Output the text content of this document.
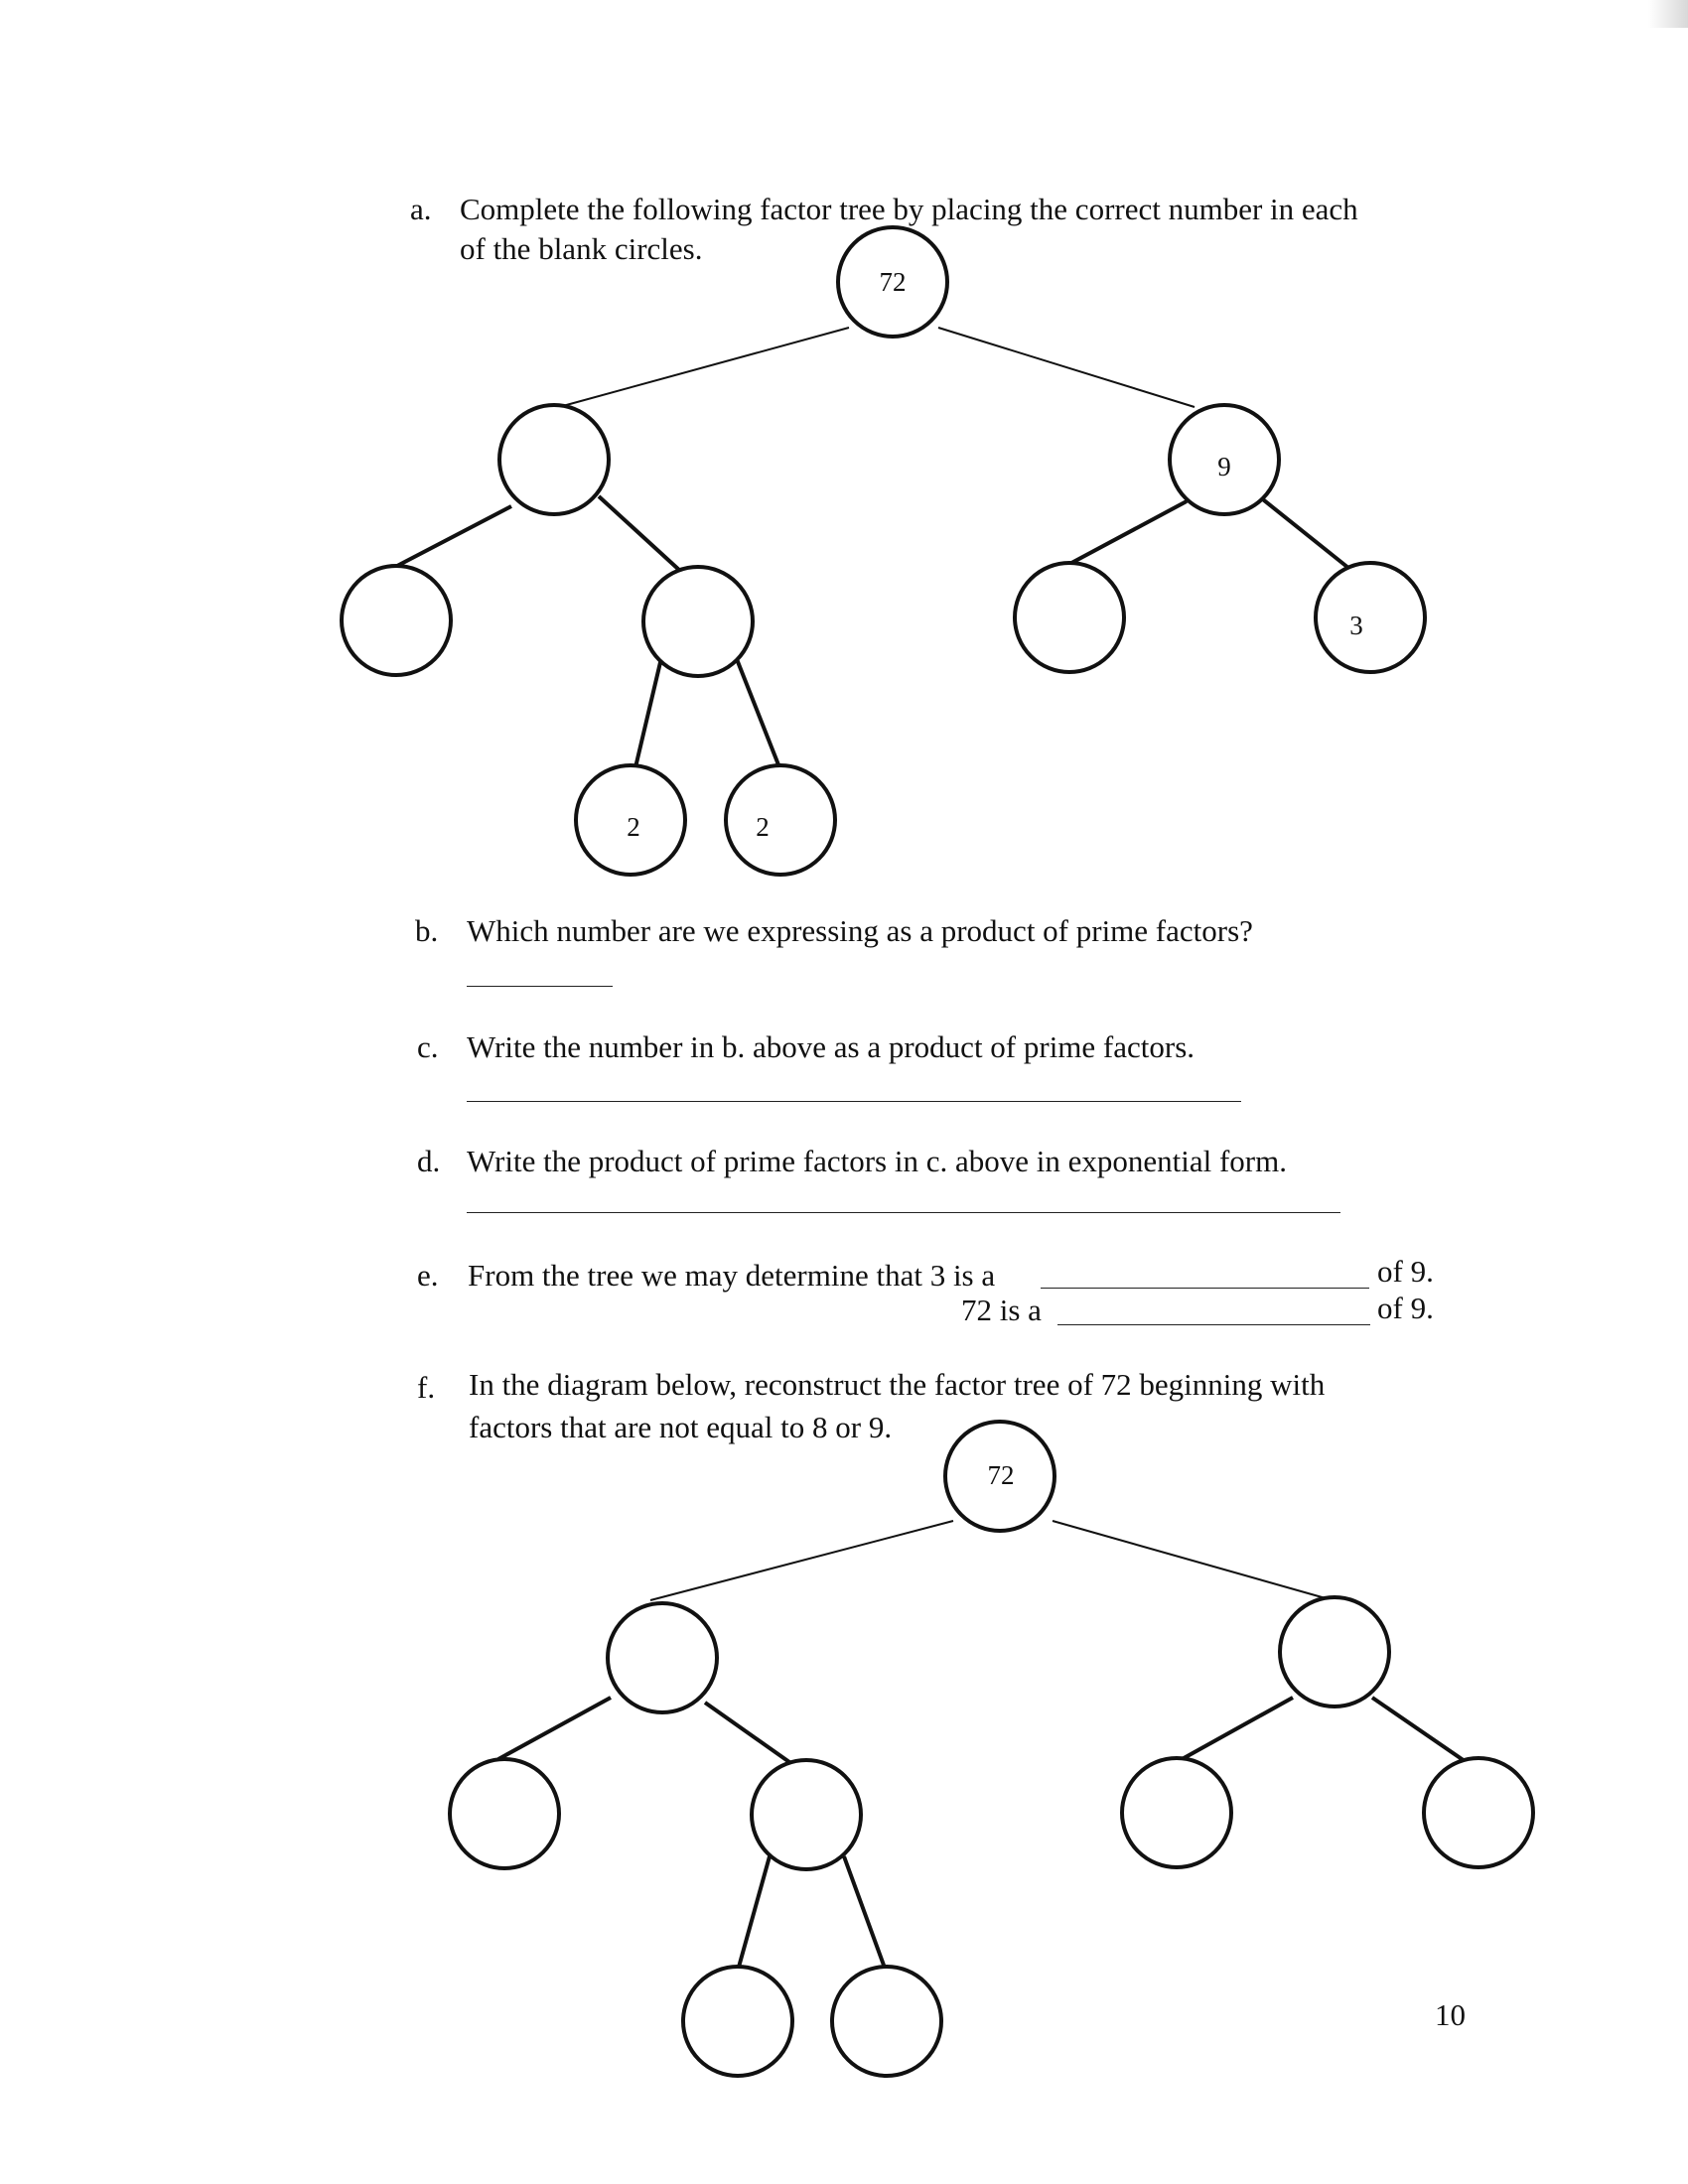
a. Complete the following factor tree by placing the correct number in each
of the blank circles.
72
9
3
2	2
b. Which number are we expressing as a product of prime factors?
c. Write the number in b. above as a product of prime factors.
d. Write the product of prime factors in c. above in exponential form.
e. From the tree we may determine that 3 is a	of 9.
72 is a	of 9.
f. In the diagram below, reconstruct the factor tree of 72 beginning with
factors that are not equal to 8 or 9.
72
10
